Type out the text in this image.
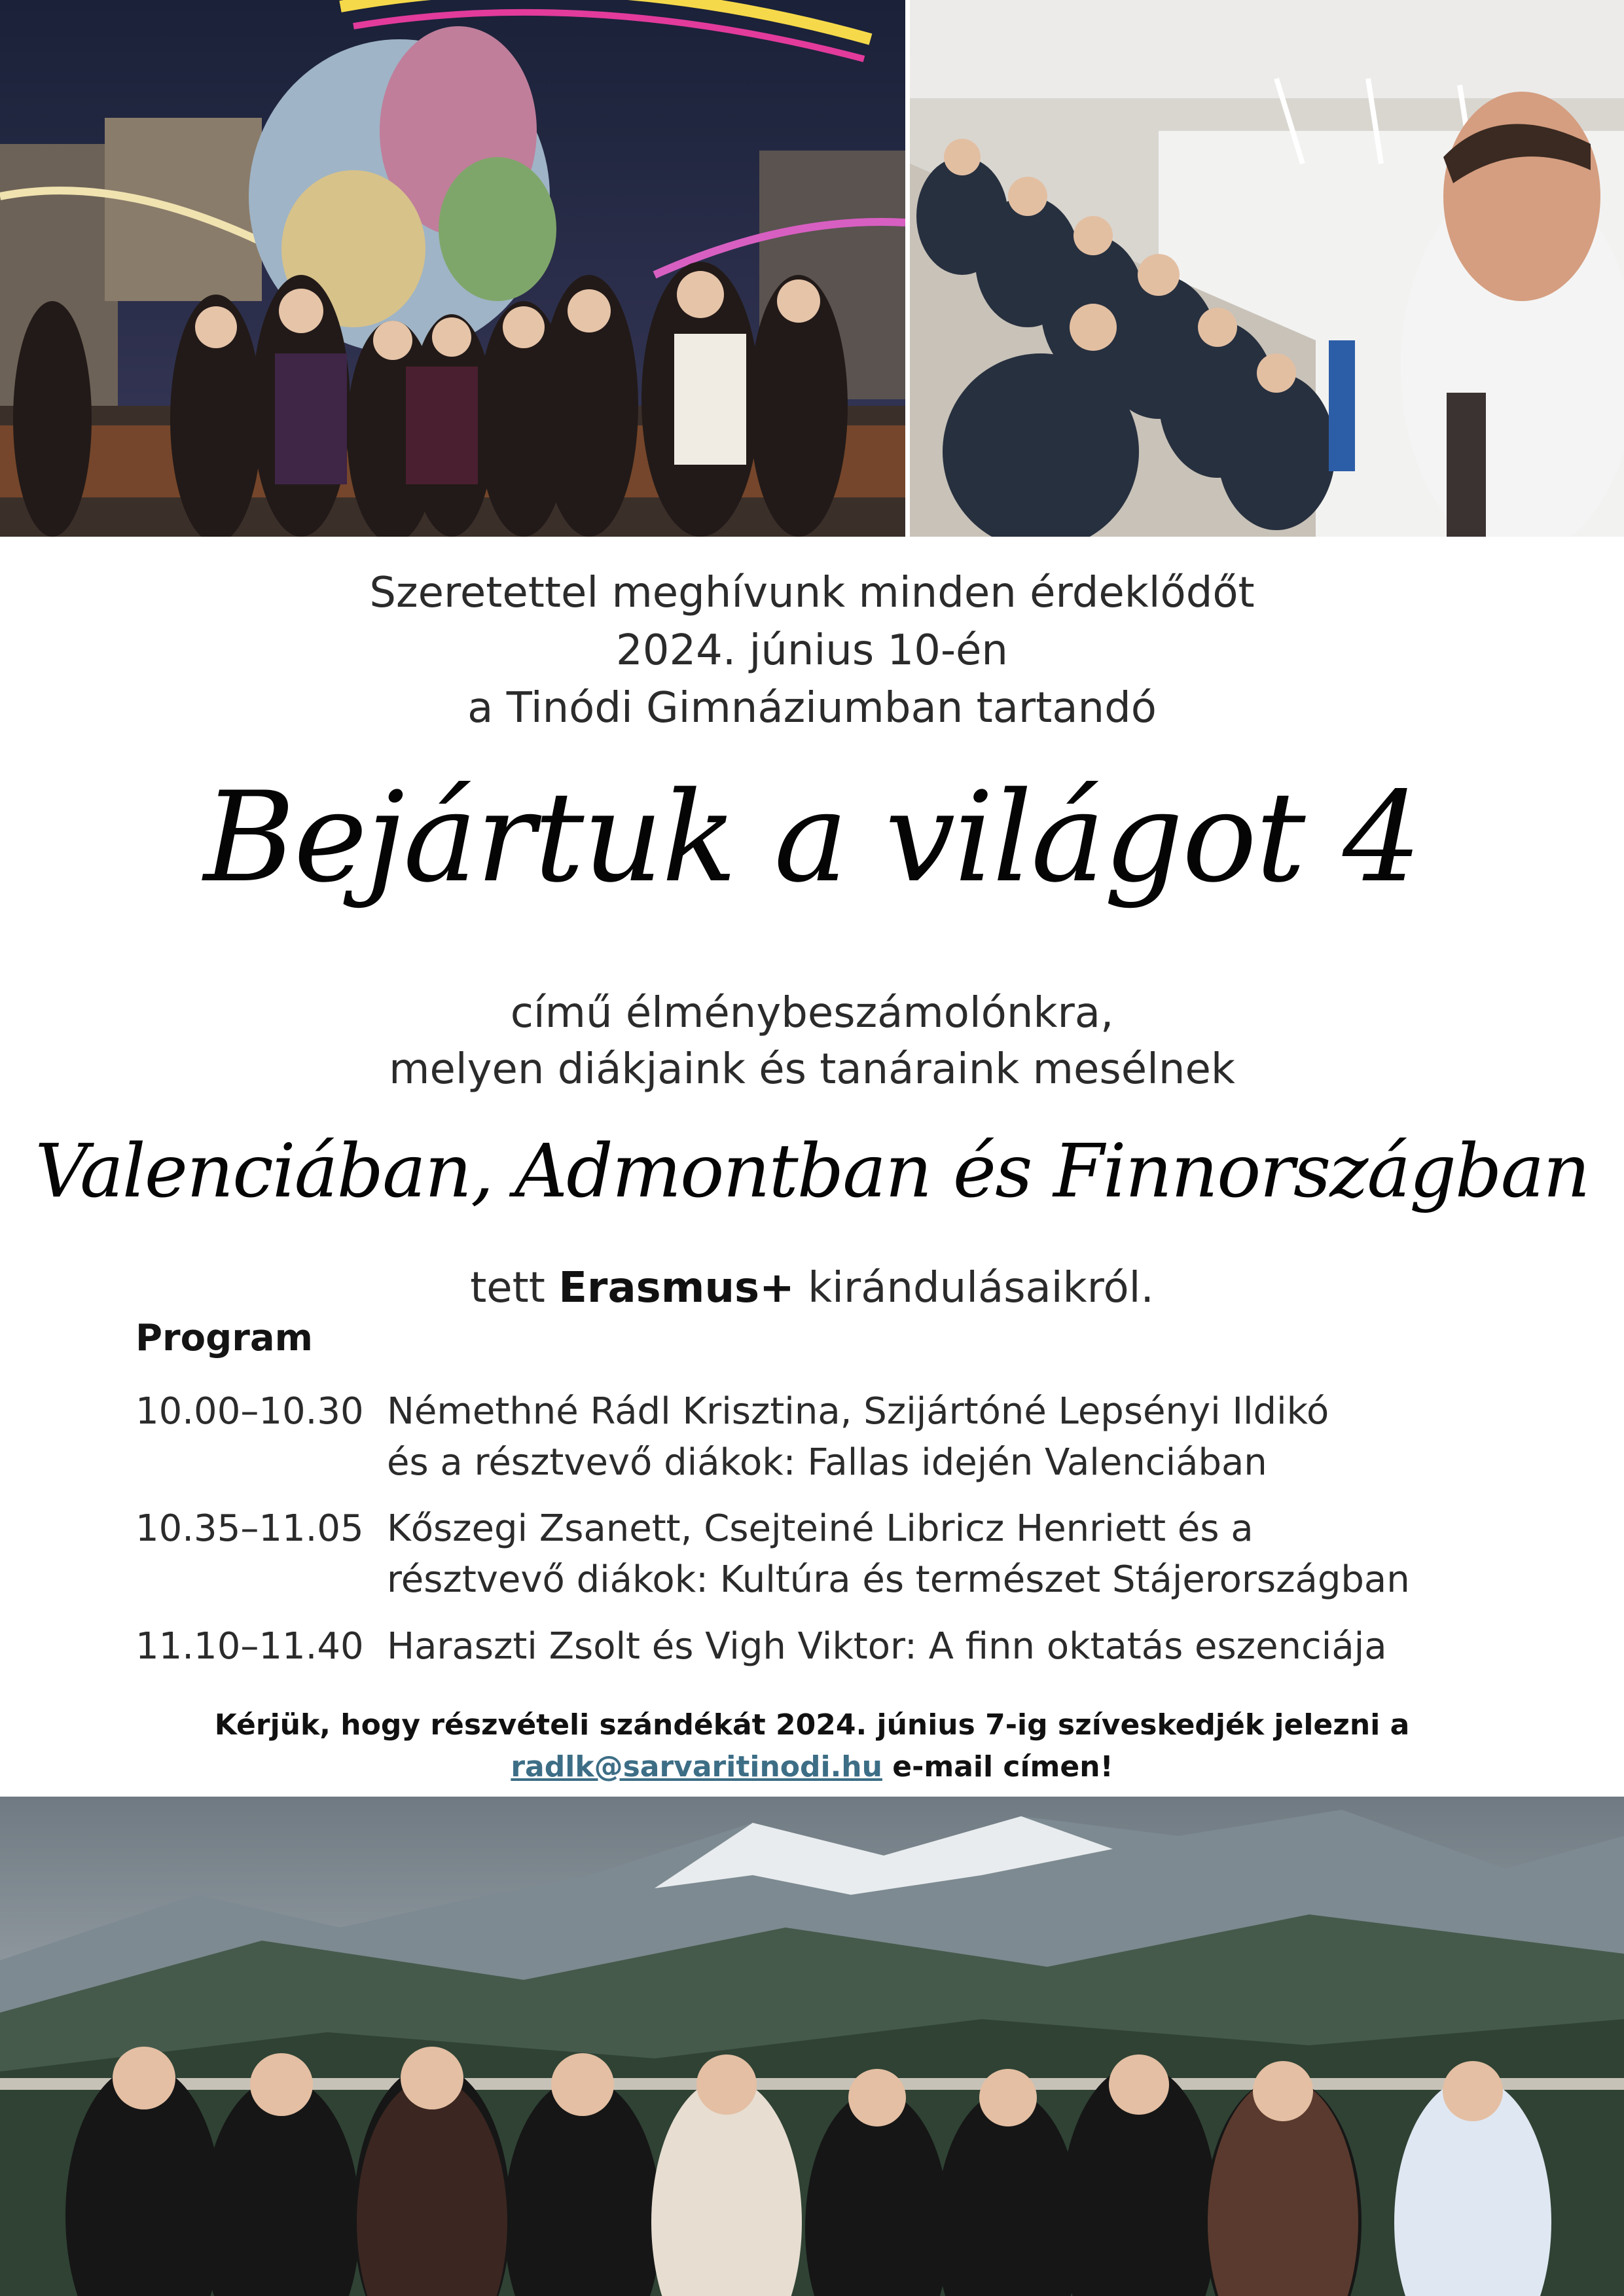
Szeretettel meghívunk minden érdeklődőt
2024. június 10-én
a Tinódi Gimnáziumban tartandó
Bejártuk a világot 4
című élménybeszámolónkra,
melyen diákjaink és tanáraink mesélnek
Valenciában, Admontban és Finnországban
tett Erasmus+ kirándulásaikról.
Program
10.00–10.30 Némethné Rádl Krisztina, Szijártóné Lepsényi Ildikó
és a résztvevő diákok: Fallas idején Valenciában
10.35–11.05 Kőszegi Zsanett, Csejteiné Libricz Henriett és a
résztvevő diákok: Kultúra és természet Stájerországban
11.10–11.40 Haraszti Zsolt és Vigh Viktor: A finn oktatás eszenciája
Kérjük, hogy részvételi szándékát 2024. június 7-ig szíveskedjék jelezni a
radlk@sarvaritinodi.hu e-mail címen!
